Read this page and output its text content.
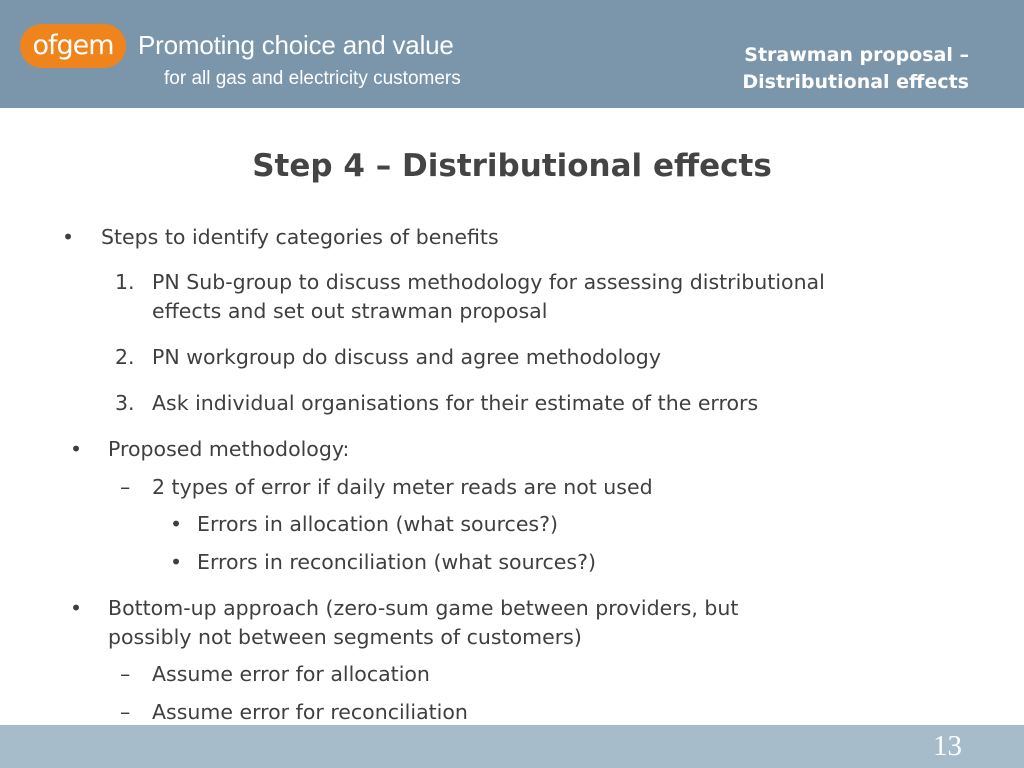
ofgem Promoting choice and value
for all gas and electricity customers
Strawman proposal –
Distributional effects
Step 4 – Distributional effects
• Steps to identify categories of benefits
1. PN Sub-group to discuss methodology for assessing distributional
effects and set out strawman proposal
2. PN workgroup do discuss and agree methodology
3. Ask individual organisations for their estimate of the errors
• Proposed methodology:
– 2 types of error if daily meter reads are not used
• Errors in allocation (what sources?)
• Errors in reconciliation (what sources?)
• Bottom-up approach (zero-sum game between providers, but
possibly not between segments of customers)
– Assume error for allocation
– Assume error for reconciliation
13
